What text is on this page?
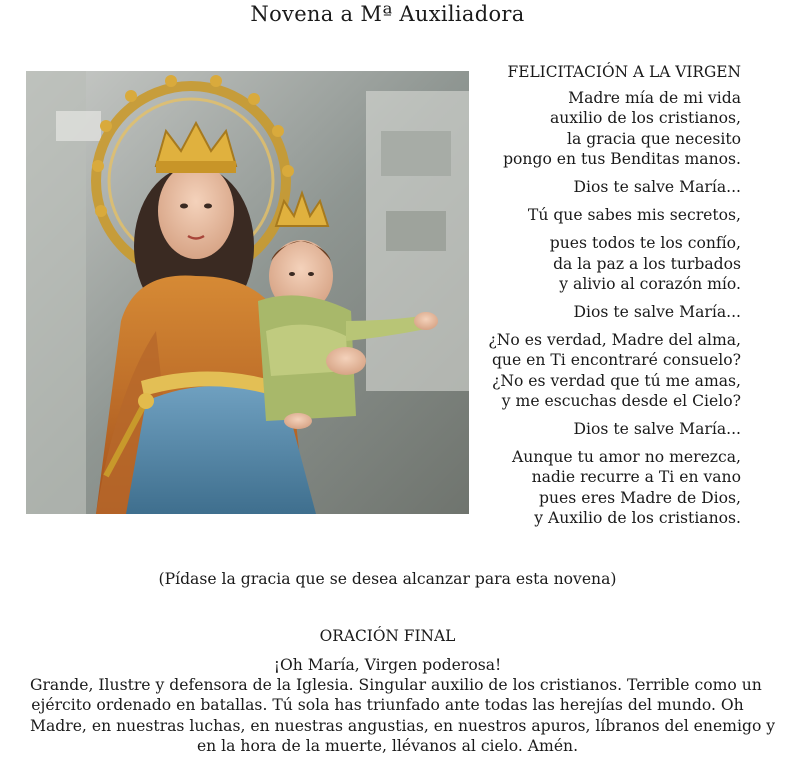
Novena a Mª Auxiliadora
FELICITACIÓN A LA VIRGEN
Madre mía de mi vida
auxilio de los cristianos,
la gracia que necesito
pongo en tus Benditas manos.
Dios te salve María...
Tú que sabes mis secretos,
pues todos te los confío,
da la paz a los turbados
y alivio al corazón mío.
Dios te salve María...
¿No es verdad, Madre del alma,
que en Ti encontraré consuelo?
¿No es verdad que tú me amas,
y me escuchas desde el Cielo?
Dios te salve María...
Aunque tu amor no merezca,
nadie recurre a Ti en vano
pues eres Madre de Dios,
y Auxilio de los cristianos.
(Pídase la gracia que se desea alcanzar para esta novena)
ORACIÓN FINAL
¡Oh María, Virgen poderosa!
Grande, Ilustre y defensora de la Iglesia. Singular auxilio de los cristianos. Terrible como un
ejército ordenado en batallas. Tú sola has triunfado ante todas las herejías del mundo. Oh
Madre, en nuestras luchas, en nuestras angustias, en nuestros apuros, líbranos del enemigo y
en la hora de la muerte, llévanos al cielo. Amén.
